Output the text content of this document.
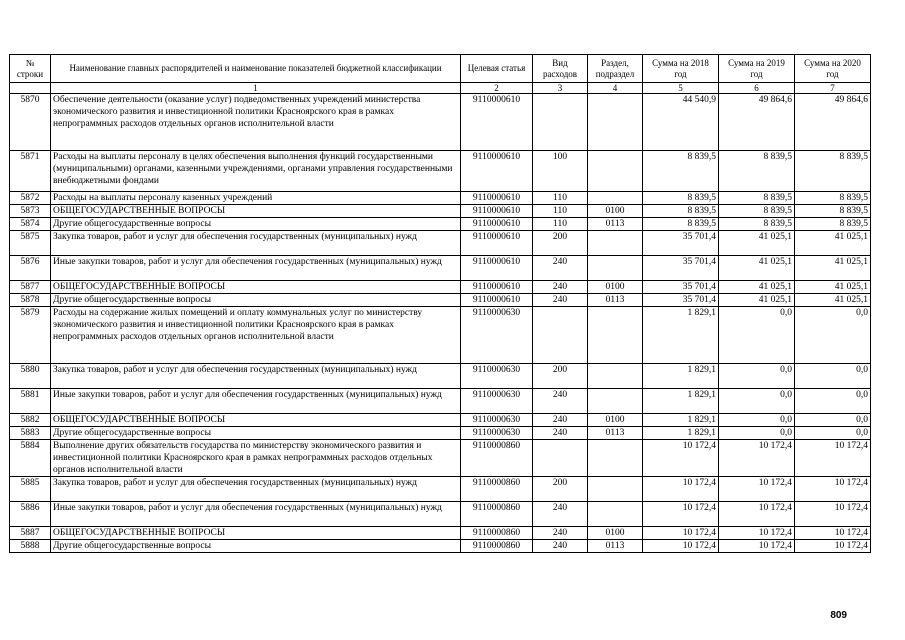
№ строки	Наименование главных распорядителей и наименование показателей бюджетной классификации	Целевая статья	Вид расходов	Раздел, подраздел	Сумма на 2018 год	Сумма на 2019 год	Сумма на 2020 год
	1	2	3	4	5	6	7
5870	Обеспечение деятельности (оказание услуг) подведомственных учреждений министерства экономического развития и инвестиционной политики Красноярского края в рамках непрограммных расходов отдельных органов исполнительной власти	9110000610			44 540,9	49 864,6	49 864,6
5871	Расходы на выплаты персоналу в целях обеспечения выполнения функций государственными (муниципальными) органами, казенными учреждениями, органами управления государственными внебюджетными фондами	9110000610	100		8 839,5	8 839,5	8 839,5
5872	Расходы на выплаты персоналу казенных учреждений	9110000610	110		8 839,5	8 839,5	8 839,5
5873	ОБЩЕГОСУДАРСТВЕННЫЕ ВОПРОСЫ	9110000610	110	0100	8 839,5	8 839,5	8 839,5
5874	Другие общегосударственные вопросы	9110000610	110	0113	8 839,5	8 839,5	8 839,5
5875	Закупка товаров, работ и услуг для обеспечения государственных (муниципальных) нужд	9110000610	200		35 701,4	41 025,1	41 025,1
5876	Иные закупки товаров, работ и услуг для обеспечения государственных (муниципальных) нужд	9110000610	240		35 701,4	41 025,1	41 025,1
5877	ОБЩЕГОСУДАРСТВЕННЫЕ ВОПРОСЫ	9110000610	240	0100	35 701,4	41 025,1	41 025,1
5878	Другие общегосударственные вопросы	9110000610	240	0113	35 701,4	41 025,1	41 025,1
5879	Расходы на содержание жилых помещений и оплату коммунальных услуг по министерству экономического развития и инвестиционной политики Красноярского края в рамках непрограммных расходов отдельных органов исполнительной власти	9110000630			1 829,1	0,0	0,0
5880	Закупка товаров, работ и услуг для обеспечения государственных (муниципальных) нужд	9110000630	200		1 829,1	0,0	0,0
5881	Иные закупки товаров, работ и услуг для обеспечения государственных (муниципальных) нужд	9110000630	240		1 829,1	0,0	0,0
5882	ОБЩЕГОСУДАРСТВЕННЫЕ ВОПРОСЫ	9110000630	240	0100	1 829,1	0,0	0,0
5883	Другие общегосударственные вопросы	9110000630	240	0113	1 829,1	0,0	0,0
5884	Выполнение других обязательств государства по министерству экономического развития и инвестиционной политики Красноярского края в рамках непрограммных расходов отдельных органов исполнительной власти	9110000860			10 172,4	10 172,4	10 172,4
5885	Закупка товаров, работ и услуг для обеспечения государственных (муниципальных) нужд	9110000860	200		10 172,4	10 172,4	10 172,4
5886	Иные закупки товаров, работ и услуг для обеспечения государственных (муниципальных) нужд	9110000860	240		10 172,4	10 172,4	10 172,4
5887	ОБЩЕГОСУДАРСТВЕННЫЕ ВОПРОСЫ	9110000860	240	0100	10 172,4	10 172,4	10 172,4
5888	Другие общегосударственные вопросы	9110000860	240	0113	10 172,4	10 172,4	10 172,4
809
